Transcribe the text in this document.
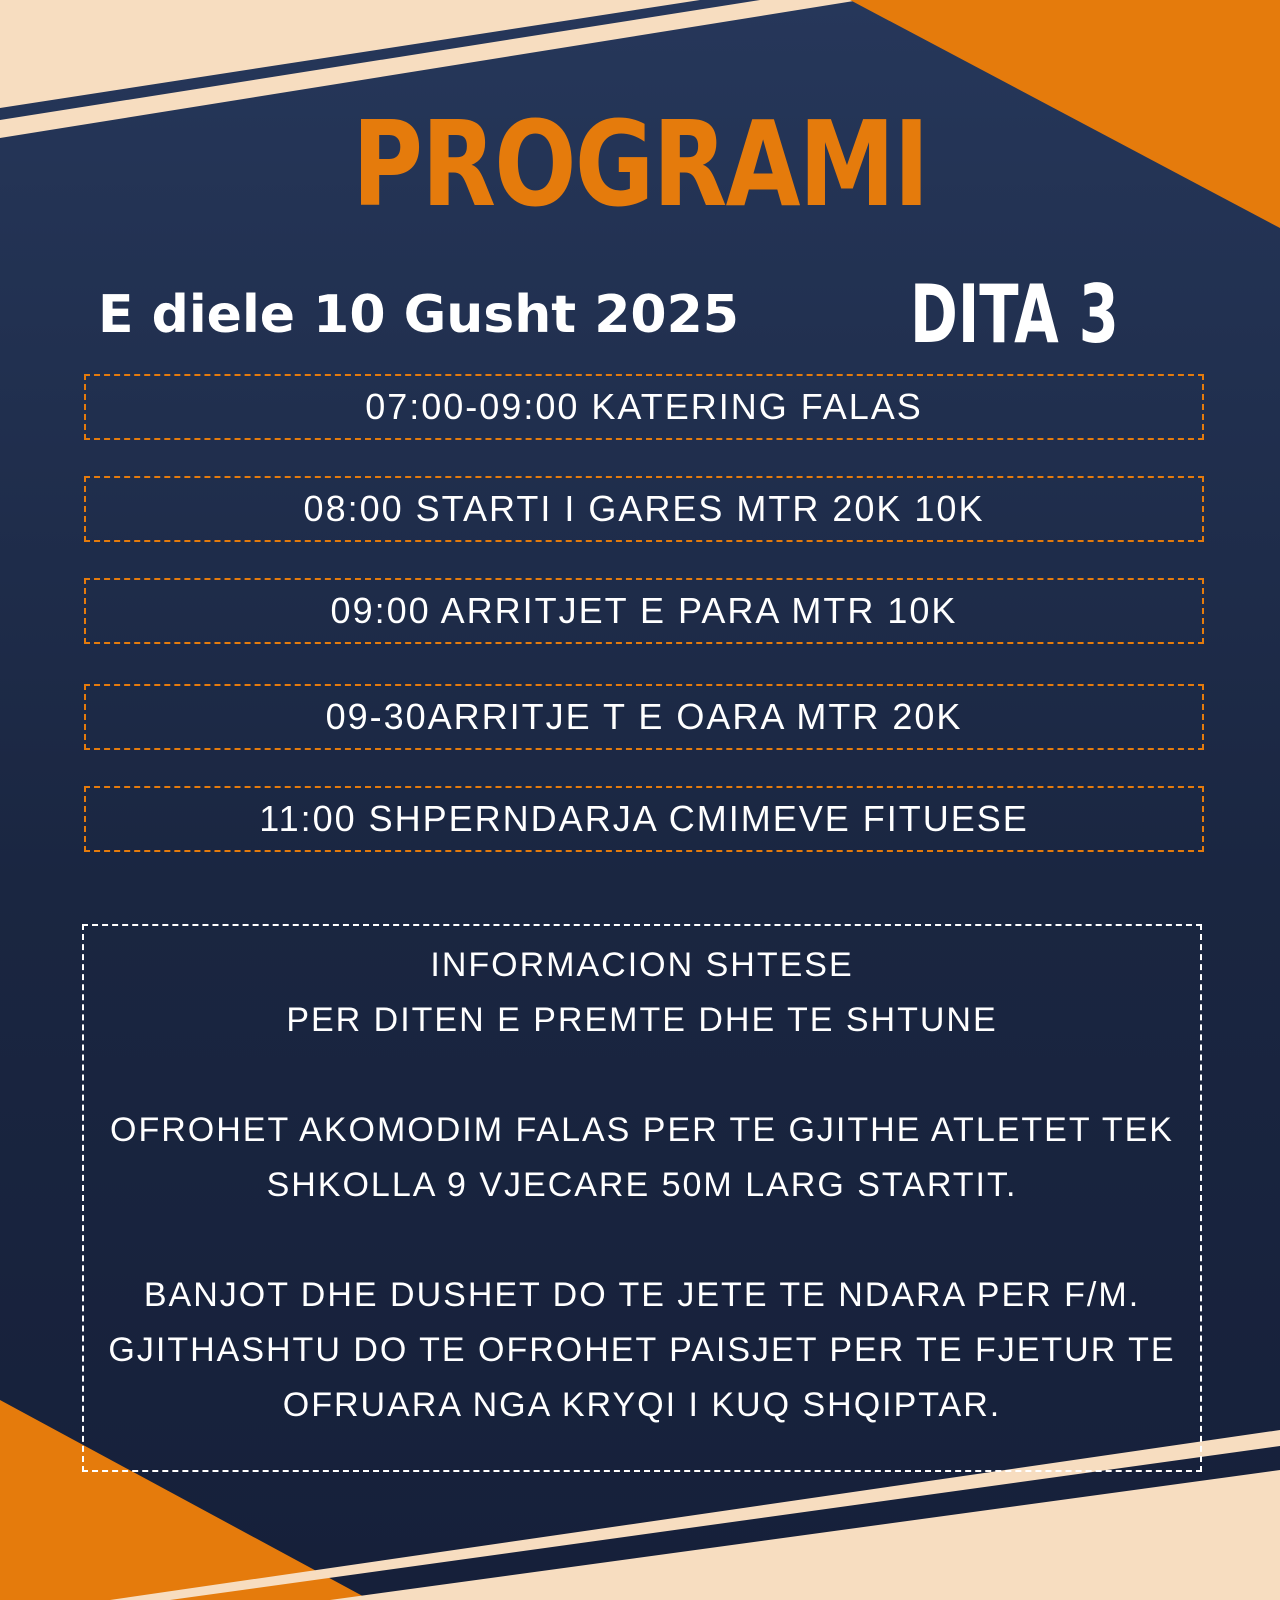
PROGRAMI
E diele 10 Gusht 2025 DITA 3
07:00-09:00 KATERING FALAS
08:00 STARTI I GARES MTR 20K 10K
09:00 ARRITJET E PARA MTR 10K
09-30ARRITJE T E OARA MTR 20K
11:00 SHPERNDARJA CMIMEVE FITUESE
INFORMACION SHTESE
PER DITEN E PREMTE DHE TE SHTUNE
OFROHET AKOMODIM FALAS PER TE GJITHE ATLETET TEK
SHKOLLA 9 VJECARE 50M LARG STARTIT.
BANJOT DHE DUSHET DO TE JETE TE NDARA PER F/M.
GJITHASHTU DO TE OFROHET PAISJET PER TE FJETUR TE
OFRUARA NGA KRYQI I KUQ SHQIPTAR.
